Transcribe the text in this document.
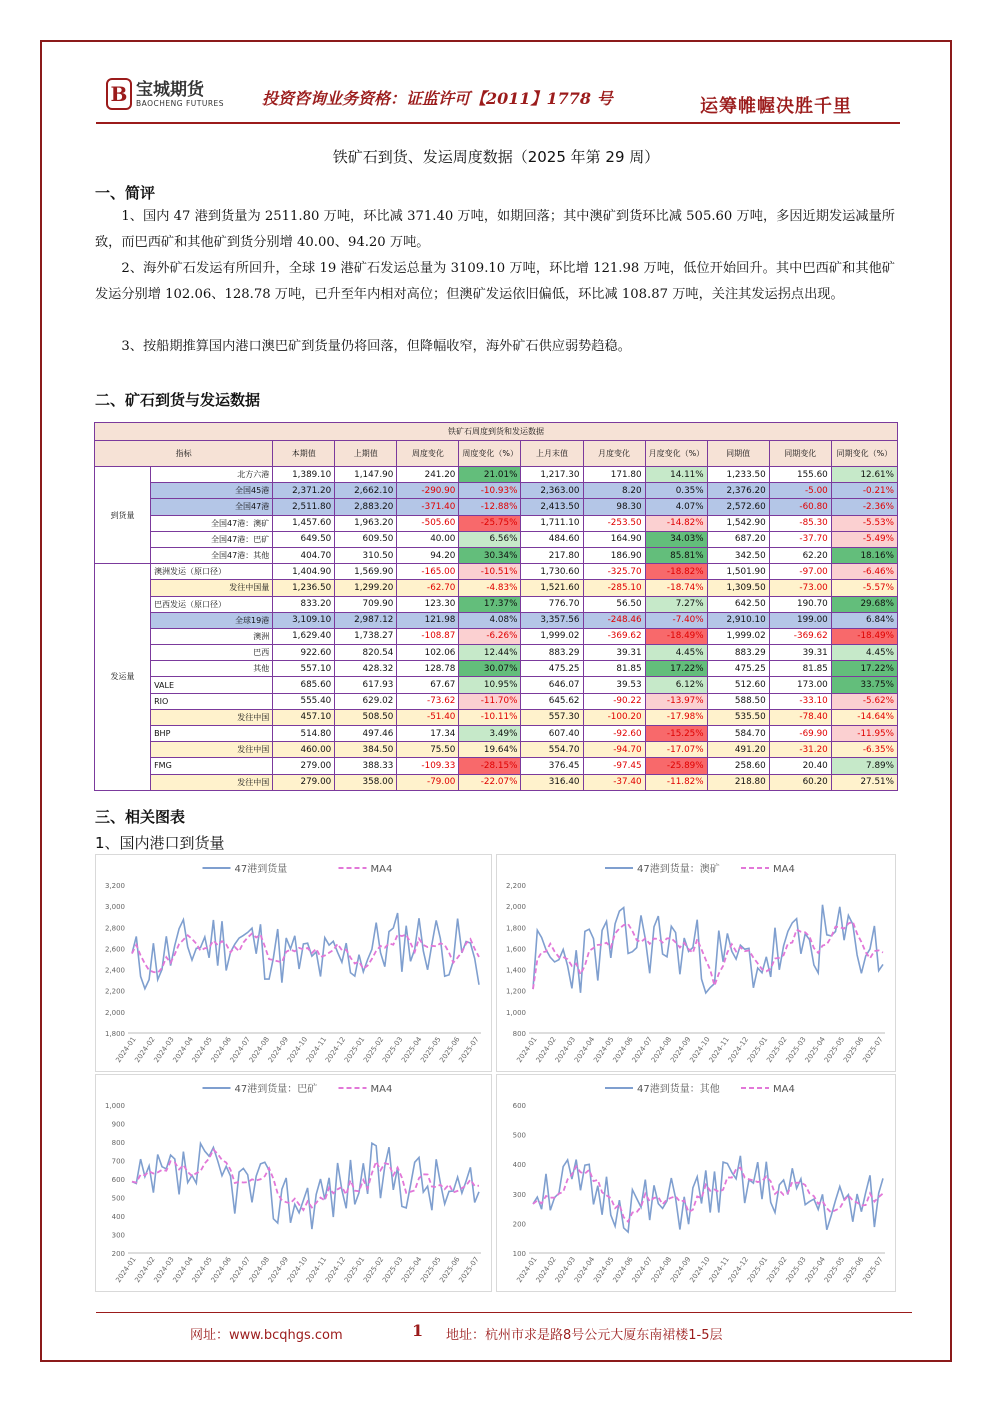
B 宝城期货
BAOCHENG FUTURES 投资咨询业务资格：证监许可【2011】1778 号	运筹帷幄决胜千里
铁矿石到货、发运周度数据（2025 年第 29 周）
一、简评
1、国内 47 港到货量为 2511.80 万吨，环比减 371.40 万吨，如期回落；其中澳矿到货环比减 505.60 万吨，多因近期发运减量所致，而巴西矿和其他矿到货分别增 40.00、94.20 万吨。
2、海外矿石发运有所回升，全球 19 港矿石发运总量为 3109.10 万吨，环比增 121.98 万吨，低位开始回升。其中巴西矿和其他矿发运分别增 102.06、128.78 万吨，已升至年内相对高位；但澳矿发运依旧偏低，环比减 108.87 万吨，关注其发运拐点出现。
3、按船期推算国内港口澳巴矿到货量仍将回落，但降幅收窄，海外矿石供应弱势趋稳。
二、矿石到货与发运数据
铁矿石周度到货和发运数据											
指标		本期值	上期值	周度变化	周度变化（%）	上月末值	月度变化	月度变化（%）	同期值	同期变化	同期变化（%）
到货量	北方六港	1,389.10	1,147.90	241.20	21.01%	1,217.30	171.80	14.11%	1,233.50	155.60	12.61%
	全国45港	2,371.20	2,662.10	-290.90	-10.93%	2,363.00	8.20	0.35%	2,376.20	-5.00	-0.21%
	全国47港	2,511.80	2,883.20	-371.40	-12.88%	2,413.50	98.30	4.07%	2,572.60	-60.80	-2.36%
	全国47港：澳矿	1,457.60	1,963.20	-505.60	-25.75%	1,711.10	-253.50	-14.82%	1,542.90	-85.30	-5.53%
	全国47港：巴矿	649.50	609.50	40.00	6.56%	484.60	164.90	34.03%	687.20	-37.70	-5.49%
	全国47港：其他	404.70	310.50	94.20	30.34%	217.80	186.90	85.81%	342.50	62.20	18.16%
发运量	澳洲发运（原口径）	1,404.90	1,569.90	-165.00	-10.51%	1,730.60	-325.70	-18.82%	1,501.90	-97.00	-6.46%
	发往中国量	1,236.50	1,299.20	-62.70	-4.83%	1,521.60	-285.10	-18.74%	1,309.50	-73.00	-5.57%
	巴西发运（原口径）	833.20	709.90	123.30	17.37%	776.70	56.50	7.27%	642.50	190.70	29.68%
	全球19港	3,109.10	2,987.12	121.98	4.08%	3,357.56	-248.46	-7.40%	2,910.10	199.00	6.84%
	澳洲	1,629.40	1,738.27	-108.87	-6.26%	1,999.02	-369.62	-18.49%	1,999.02	-369.62	-18.49%
	巴西	922.60	820.54	102.06	12.44%	883.29	39.31	4.45%	883.29	39.31	4.45%
	其他	557.10	428.32	128.78	30.07%	475.25	81.85	17.22%	475.25	81.85	17.22%
	VALE	685.60	617.93	67.67	10.95%	646.07	39.53	6.12%	512.60	173.00	33.75%
	RIO	555.40	629.02	-73.62	-11.70%	645.62	-90.22	-13.97%	588.50	-33.10	-5.62%
	发往中国	457.10	508.50	-51.40	-10.11%	557.30	-100.20	-17.98%	535.50	-78.40	-14.64%
	BHP	514.80	497.46	17.34	3.49%	607.40	-92.60	-15.25%	584.70	-69.90	-11.95%
	发往中国	460.00	384.50	75.50	19.64%	554.70	-94.70	-17.07%	491.20	-31.20	-6.35%
	FMG	279.00	388.33	-109.33	-28.15%	376.45	-97.45	-25.89%	258.60	20.40	7.89%
	发往中国	279.00	358.00	-79.00	-22.07%	316.40	-37.40	-11.82%	218.80	60.20	27.51%
三、相关图表
1、国内港口到货量
47港到货量	MA4
1,800
2,000
2,200
2,400
2,600
2,800
3,000
3,200
2024-01
2024-02
2024-03
2024-04
2024-05
2024-06
2024-07
2024-08
2024-09
2024-10
2024-11
2024-12
2025-01
2025-02
2025-03
2025-04
2025-05
2025-06
2025-07
47港到货量：澳矿	MA4
800
1,000
1,200
1,400
1,600
1,800
2,000
2,200
2024-01
2024-02
2024-03
2024-04
2024-05
2024-06
2024-07
2024-08
2024-09
2024-10
2024-11
2024-12
2025-01
2025-02
2025-03
2025-04
2025-05
2025-06
2025-07
47港到货量：巴矿	MA4
200
300
400
500
600
700
800
900
1,000
2024-01
2024-02
2024-03
2024-04
2024-05
2024-06
2024-07
2024-08
2024-09
2024-10
2024-11
2024-12
2025-01
2025-02
2025-03
2025-04
2025-05
2025-06
2025-07
47港到货量：其他	MA4
100
200
300
400
500
600
2024-01
2024-02
2024-03
2024-04
2024-05
2024-06
2024-07
2024-08
2024-09
2024-10
2024-11
2024-12
2025-01
2025-02
2025-03
2025-04
2025-05
2025-06
2025-07
网址：www.bcqhgs.com	1 地址：杭州市求是路8号公元大厦东南裙楼1-5层
